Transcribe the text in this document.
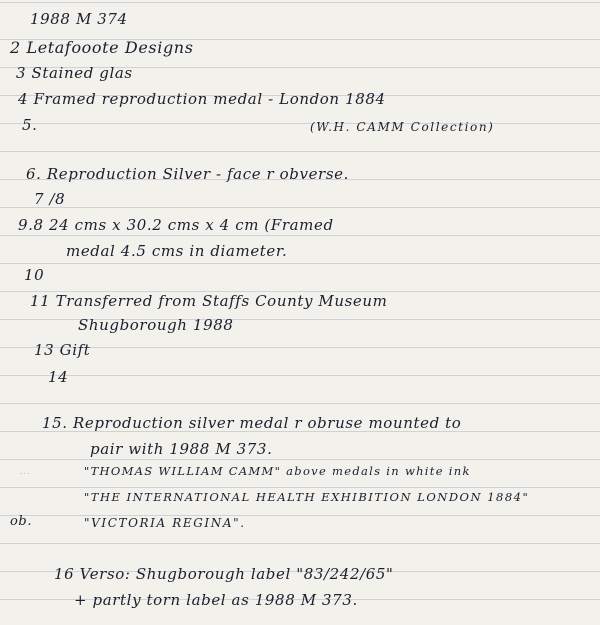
1988 M 374
2 Letafooote Designs
3 Stained glas
4 Framed reproduction medal - London 1884
5.	(W.H. CAMM Collection)
6. Reproduction Silver - face r obverse.
7 /8
9.8 24 cms x 30.2 cms x 4 cm (Framed
medal 4.5 cms in diameter.
10
11 Transferred from Staffs County Museum
Shugborough 1988
13 Gift
14
15. Reproduction silver medal r obruse mounted to
pair with 1988 M 373.
...	"THOMAS WILLIAM CAMM" above medals in white ink
"THE INTERNATIONAL HEALTH EXHIBITION LONDON 1884"
ob.	"VICTORIA REGINA".
16 Verso: Shugborough label "83/242/65"
+ partly torn label as 1988 M 373.
